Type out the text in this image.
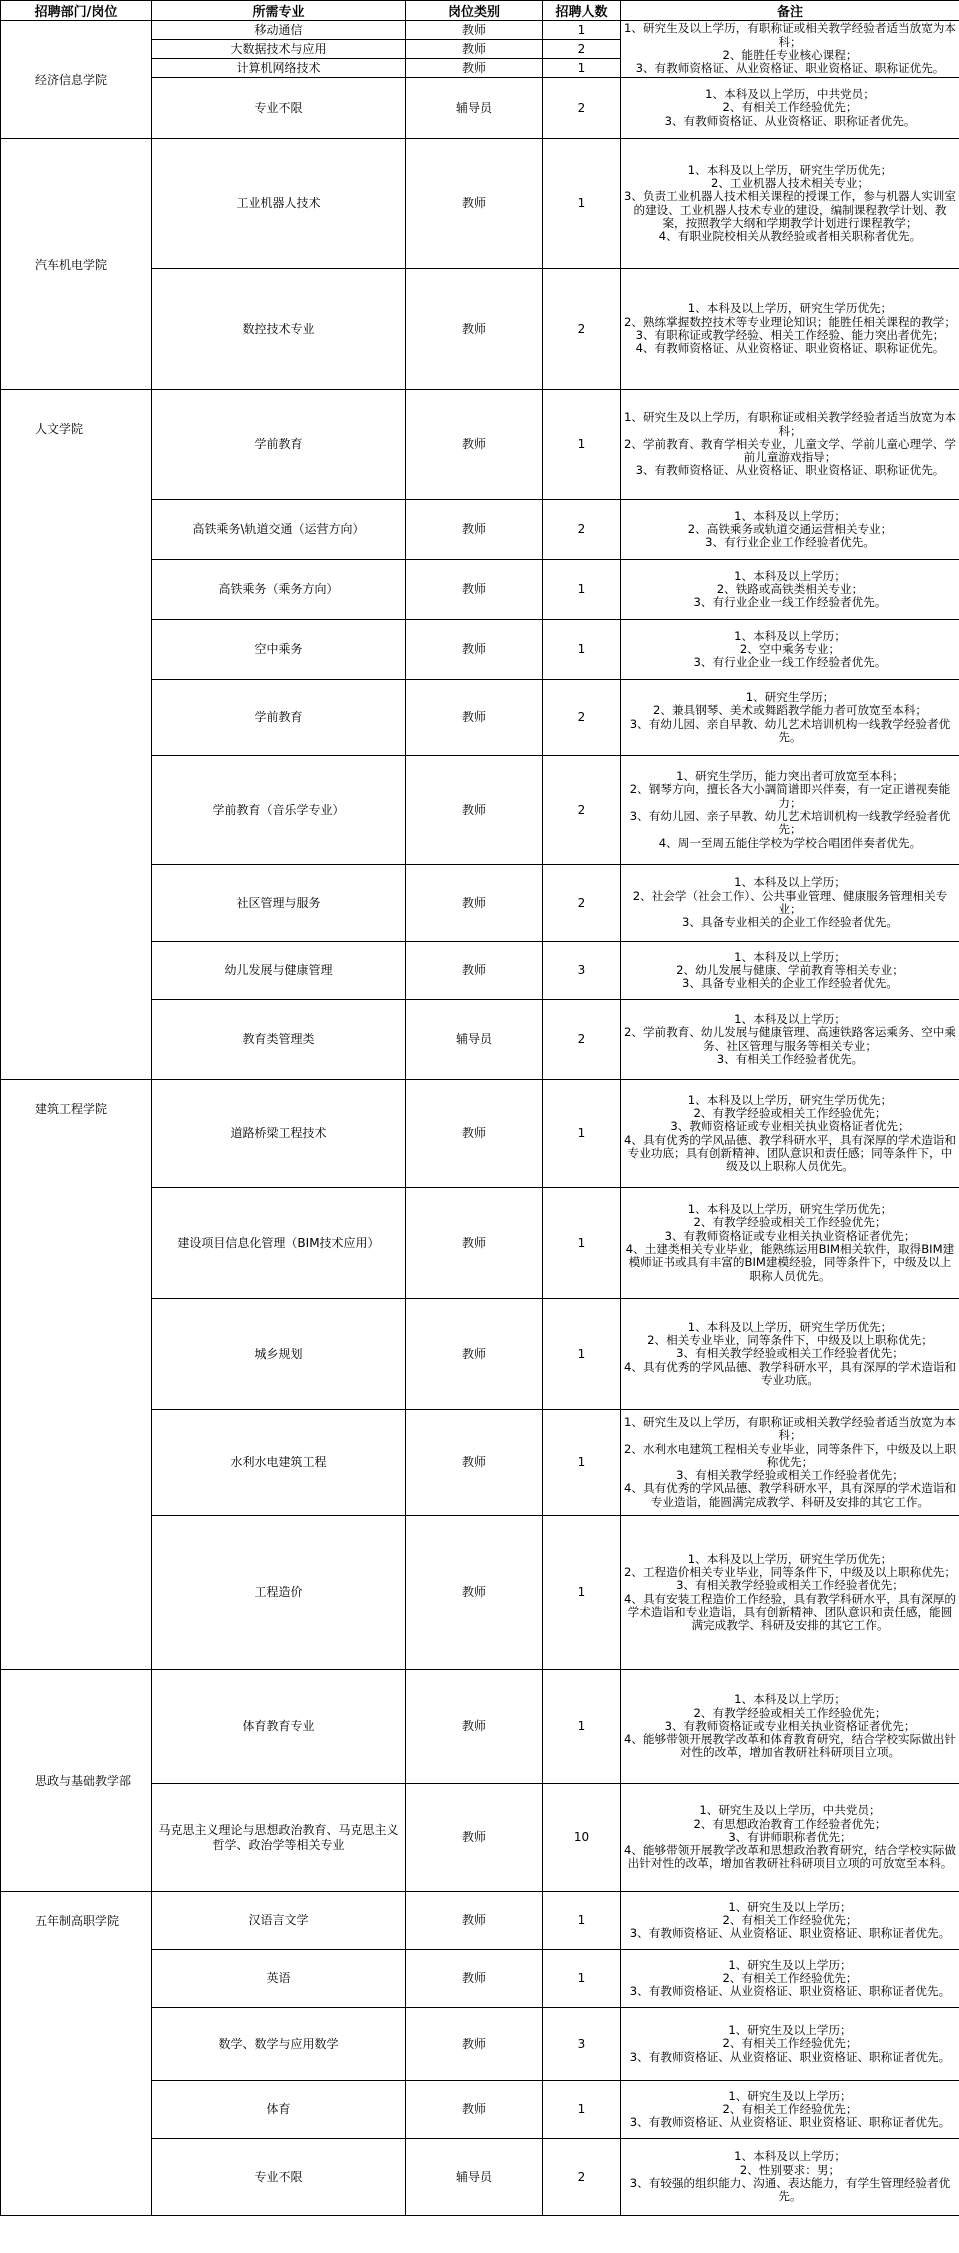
招聘部门/岗位	所需专业	岗位类别	招聘人数	备注
经济信息学院	移动通信	教师	1	1、研究生及以上学历，有职称证或相关教学经验者适当放宽为本科；
2、能胜任专业核心课程；
3、有教师资格证、从业资格证、职业资格证、职称证优先。

	大数据技术与应用	教师	2	
	计算机网络技术	教师	1	
	专业不限	辅导员	2	1、本科及以上学历，中共党员；
2、有相关工作经验优先；
3、有教师资格证、从业资格证、职称证者优先。

汽车机电学院	工业机器人技术	教师	1	1、本科及以上学历，研究生学历优先；
2、工业机器人技术相关专业；
3、负责工业机器人技术相关课程的授课工作，参与机器人实训室的建设、工业机器人技术专业的建设，编制课程教学计划、教案，按照教学大纲和学期教学计划进行课程教学；
4、有职业院校相关从教经验或者相关职称者优先。

	数控技术专业	教师	2	1、本科及以上学历，研究生学历优先；
2、熟练掌握数控技术等专业理论知识；能胜任相关课程的教学；
3、有职称证或教学经验、相关工作经验、能力突出者优先；
4、有教师资格证、从业资格证、职业资格证、职称证优先。

人文学院	学前教育	教师	1	1、研究生及以上学历，有职称证或相关教学经验者适当放宽为本科；
2、学前教育、教育学相关专业，儿童文学、学前儿童心理学、学前儿童游戏指导；
3、有教师资格证、从业资格证、职业资格证、职称证优先。

	高铁乘务\轨道交通（运营方向）	教师	2	1、本科及以上学历；
2、高铁乘务或轨道交通运营相关专业；
3、有行业企业工作经验者优先。

	高铁乘务（乘务方向）	教师	1	1、本科及以上学历；
2、铁路或高铁类相关专业；
3、有行业企业一线工作经验者优先。

	空中乘务	教师	1	1、本科及以上学历；
2、空中乘务专业；
3、有行业企业一线工作经验者优先。

	学前教育	教师	2	1、研究生学历；
2、兼具钢琴、美术或舞蹈教学能力者可放宽至本科；
3、有幼儿园、亲自早教、幼儿艺术培训机构一线教学经验者优先。

	学前教育（音乐学专业）	教师	2	1、研究生学历，能力突出者可放宽至本科；
2、钢琴方向，擅长各大小調简谱即兴伴奏，有一定正谱视奏能力；
3、有幼儿园、亲子早教、幼儿艺术培训机构一线教学经验者优先；
4、周一至周五能住学校为学校合唱团伴奏者优先。

	社区管理与服务	教师	2	1、本科及以上学历；
2、社会学（社会工作）、公共事业管理、健康服务管理相关专业；
3、具备专业相关的企业工作经验者优先。

	幼儿发展与健康管理	教师	3	1、本科及以上学历；
2、幼儿发展与健康、学前教育等相关专业；
3、具备专业相关的企业工作经验者优先。

	教育类管理类	辅导员	2	1、本科及以上学历；
2、学前教育、幼儿发展与健康管理、高速铁路客运乘务、空中乘务、社区管理与服务等相关专业；
3、有相关工作经验者优先。

建筑工程学院	道路桥梁工程技术	教师	1	1、本科及以上学历，研究生学历优先；
2、有教学经验或相关工作经验优先；
3、教师资格证或专业相关执业资格证者优先；
4、具有优秀的学风品德、教学科研水平，具有深厚的学术造诣和专业功底；具有创新精神、团队意识和责任感；同等条件下，中级及以上职称人员优先。

	建设项目信息化管理（BIM技术应用）	教师	1	1、本科及以上学历，研究生学历优先；
2、有教学经验或相关工作经验优先；
3、有教师资格证或专业相关执业资格证者优先；
4、土建类相关专业毕业，能熟练运用BIM相关软件，取得BIM建模师证书或具有丰富的BIM建模经验，同等条件下，中级及以上职称人员优先。

	城乡规划	教师	1	1、本科及以上学历，研究生学历优先；
2、相关专业毕业，同等条件下，中级及以上职称优先；
3、有相关教学经验或相关工作经验者优先；
4、具有优秀的学风品德、教学科研水平，具有深厚的学术造诣和专业功底。

	水利水电建筑工程	教师	1	1、研究生及以上学历，有职称证或相关教学经验者适当放宽为本科；
2、水利水电建筑工程相关专业毕业，同等条件下，中级及以上职称优先；
3、有相关教学经验或相关工作经验者优先；
4、具有优秀的学风品德、教学科研水平，具有深厚的学术造诣和专业造诣，能圆满完成教学、科研及安排的其它工作。

	工程造价	教师	1	1、本科及以上学历，研究生学历优先；
2、工程造价相关专业毕业，同等条件下，中级及以上职称优先；
3、有相关教学经验或相关工作经验者优先；
4、具有安装工程造价工作经验，具有教学科研水平，具有深厚的学术造诣和专业造诣，具有创新精神、团队意识和责任感，能圆满完成教学、科研及安排的其它工作。

思政与基础教学部	体育教育专业	教师	1	1、本科及以上学历；
2、有教学经验或相关工作经验优先；
3、有教师资格证或专业相关执业资格证者优先；
4、能够带领开展教学改革和体育教育研究，结合学校实际做出针对性的改革，增加省教研社科研项目立项。

	马克思主义理论与思想政治教育、马克思主义哲学、政治学等相关专业	教师	10	1、研究生及以上学历，中共党员；
2、有思想政治教育工作经验者优先；
3、有讲师职称者优先；
4、能够带领开展教学改革和思想政治教育研究，结合学校实际做出针对性的改革，增加省教研社科研项目立项的可放宽至本科。

五年制高职学院	汉语言文学	教师	1	1、研究生及以上学历；
2、有相关工作经验优先；
3、有教师资格证、从业资格证、职业资格证、职称证者优先。

	英语	教师	1	1、研究生及以上学历；
2、有相关工作经验优先；
3、有教师资格证、从业资格证、职业资格证、职称证者优先。

	数学、数学与应用数学	教师	3	1、研究生及以上学历；
2、有相关工作经验优先；
3、有教师资格证、从业资格证、职业资格证、职称证者优先。

	体育	教师	1	1、研究生及以上学历；
2、有相关工作经验优先；
3、有教师资格证、从业资格证、职业资格证、职称证者优先。

	专业不限	辅导员	2	1、本科及以上学历；
2、性别要求：男；
3、有较强的组织能力、沟通、表达能力，有学生管理经验者优先。
